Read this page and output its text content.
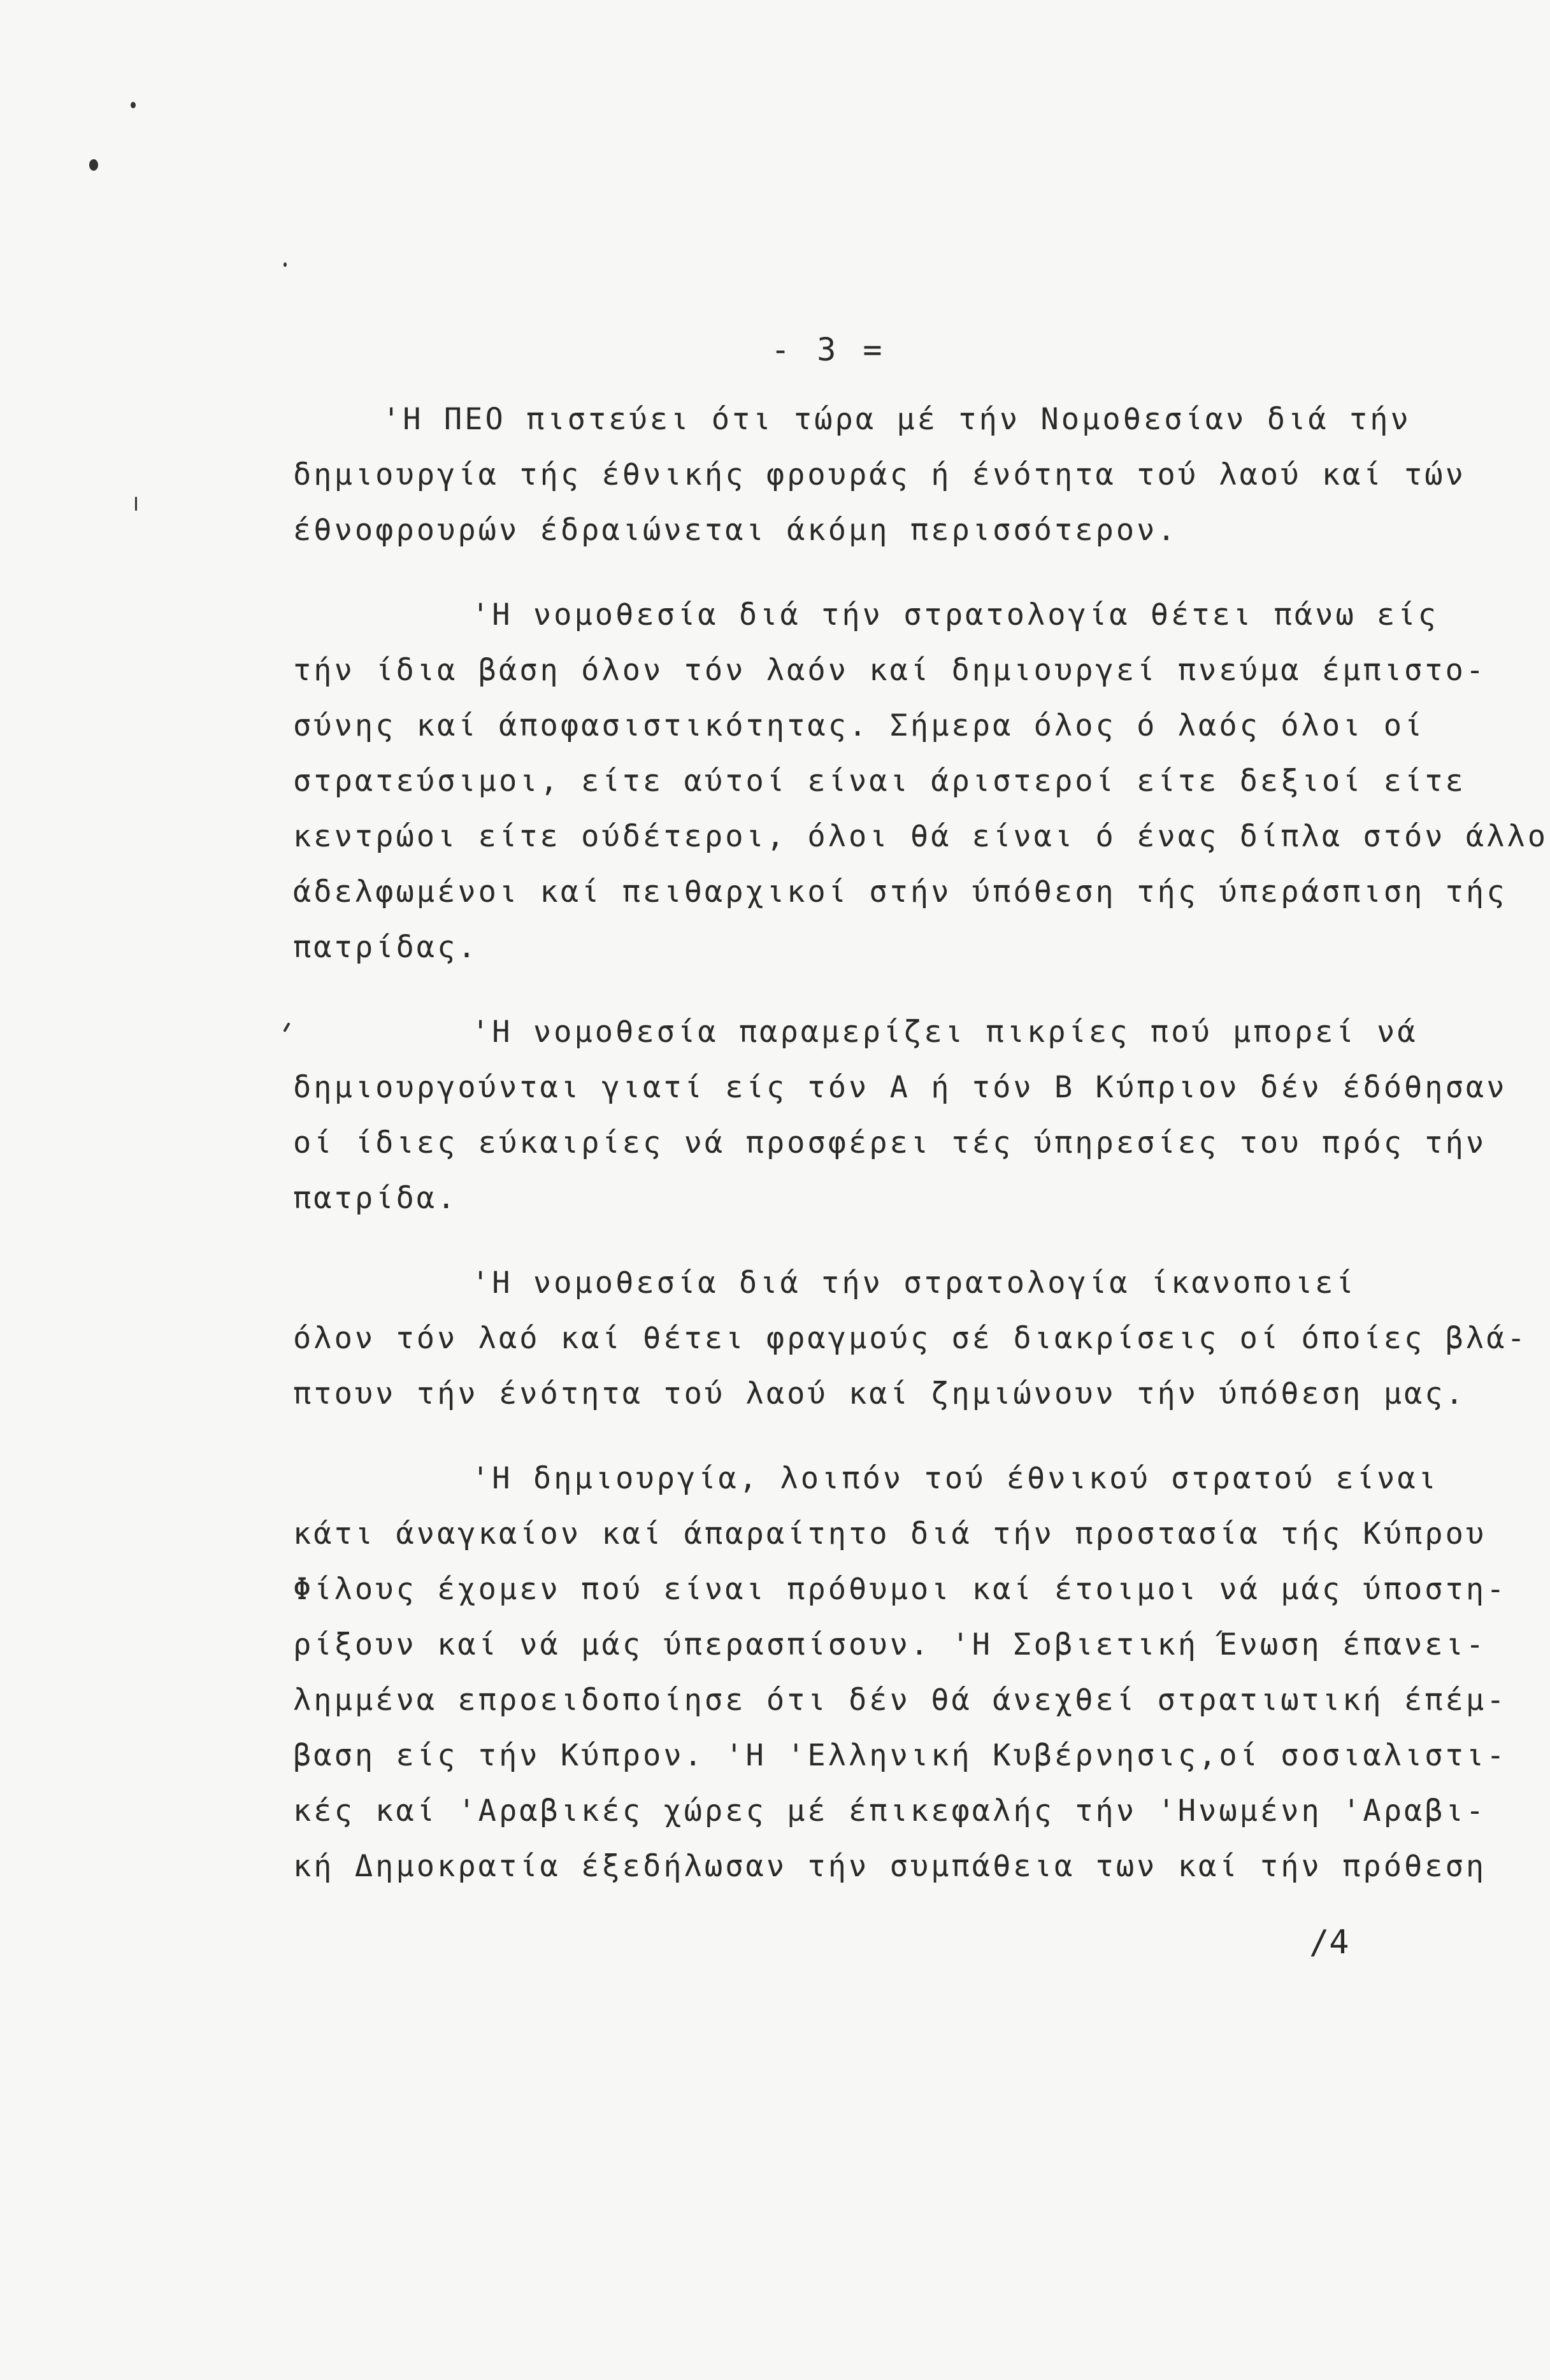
- 3 =
'Η ΠΕΟ πιστεύει ότι τώρα μέ τήν Νομοθεσίαν διά τήν
δημιουργία τής έθνικής φρουράς ή ένότητα τού λαού καί τών
έθνοφρουρών έδραιώνεται άκόμη περισσότερον.
'Η νομοθεσία διά τήν στρατολογία θέτει πάνω είς
τήν ίδια βάση όλον τόν λαόν καί δημιουργεί πνεύμα έμπιστο-
σύνης καί άποφασιστικότητας. Σήμερα όλος ό λαός όλοι οί
στρατεύσιμοι, είτε αύτοί είναι άριστεροί είτε δεξιοί είτε
κεντρώοι είτε ούδέτεροι, όλοι θά είναι ό ένας δίπλα στόν άλλο
άδελφωμένοι καί πειθαρχικοί στήν ύπόθεση τής ύπεράσπιση τής
πατρίδας.
'Η νομοθεσία παραμερίζει πικρίες πού μπορεί νά
δημιουργούνται γιατί είς τόν Α ή τόν Β Κύπριον δέν έδόθησαν
οί ίδιες εύκαιρίες νά προσφέρει τές ύπηρεσίες του πρός τήν
πατρίδα.
'Η νομοθεσία διά τήν στρατολογία ίκανοποιεί
όλον τόν λαό καί θέτει φραγμούς σέ διακρίσεις οί όποίες βλά-
πτουν τήν ένότητα τού λαού καί ζημιώνουν τήν ύπόθεση μας.
'Η δημιουργία, λοιπόν τού έθνικού στρατού είναι
κάτι άναγκαίον καί άπαραίτητο διά τήν προστασία τής Κύπρου
Φίλους έχομεν πού είναι πρόθυμοι καί έτοιμοι νά μάς ύποστη-
ρίξουν καί νά μάς ύπερασπίσουν. 'Η Σοβιετική Ένωση έπανει-
λημμένα επροειδοποίησε ότι δέν θά άνεχθεί στρατιωτική έπέμ-
βαση είς τήν Κύπρον. 'Η 'Ελληνική Κυβέρνησις,οί σοσιαλιστι-
κές καί 'Αραβικές χώρες μέ έπικεφαλής τήν 'Ηνωμένη 'Αραβι-
κή Δημοκρατία έξεδήλωσαν τήν συμπάθεια των καί τήν πρόθεση
/4
